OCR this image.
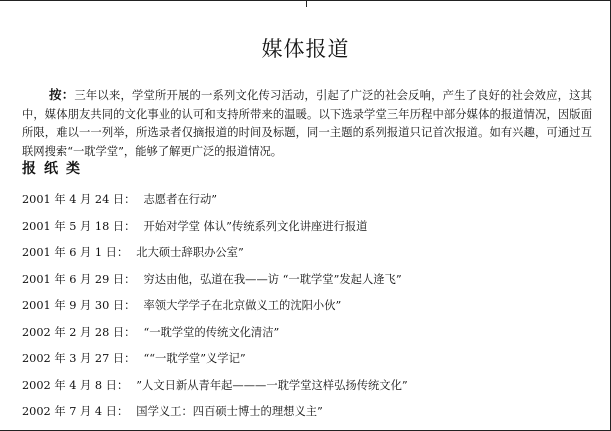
媒体报道

按：三年以来，学堂所开展的一系列文化传习活动，引起了广泛的社会反响，产生了良好的社会效应，这其中，媒体朋友共同的文化事业的认可和支持所带来的温暖。以下选录学堂三年历程中部分媒体的报道情况，因版面所限，难以一一列举，所选录者仅摘报道的时间及标题，同一主题的系列报道只记首次报道。如有兴趣，可通过互联网搜索“一耽学堂”，能够了解更广泛的报道情况。

报纸类
2001 年 4 月 24 日： 志愿者在行动”
2001 年 5 月 18 日： 开始对学堂 体认”传统系列文化讲座进行报道
2001 年 6 月 1 日： 北大硕士辞职办公室”
2001 年 6 月 29 日： 穷达由他，弘道在我——访 “一耽学堂”发起人逄飞”
2001 年 9 月 30 日： 率领大学学子在北京做义工的沈阳小伙”
2002 年 2 月 28 日： “一耽学堂的传统文化清洁”
2002 年 3 月 27 日： ““一耽学堂”义学记”
2002 年 4 月 8 日： ”人文日新从青年起———一耽学堂这样弘扬传统文化”
2002 年 7 月 4 日： 国学义工：四百硕士博士的理想义主”
